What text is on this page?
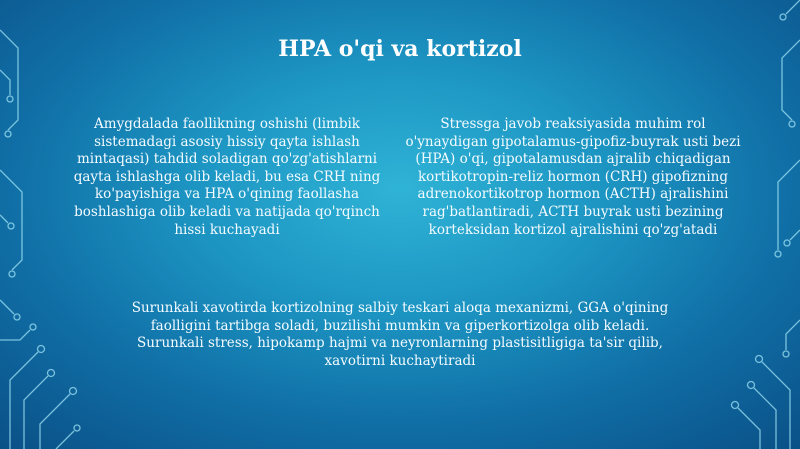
HPA o'qi va kortizol

Amygdalada faollikning oshishi (limbik sistemadagi asosiy hissiy qayta ishlash mintaqasi) tahdid soladigan qo'zg'atishlarni qayta ishlashga olib keladi, bu esa CRH ning ko'payishiga va HPA o'qining faollasha boshlashiga olib keladi va natijada qo'rqinch hissi kuchayadi

Stressga javob reaksiyasida muhim rol o'ynaydigan gipotalamus-gipofiz-buyrak usti bezi (HPA) o'qi, gipotalamusdan ajralib chiqadigan kortikotropin-reliz hormon (CRH) gipofizning adrenokortikotrop hormon (ACTH) ajralishini rag'batlantiradi, ACTH buyrak usti bezining korteksidan kortizol ajralishini qo'zg'atadi

Surunkali xavotirda kortizolning salbiy teskari aloqa mexanizmi, GGA o'qining faolligini tartibga soladi, buzilishi mumkin va giperkortizolga olib keladi. Surunkali stress, hipokamp hajmi va neyronlarning plastisitligiga ta'sir qilib, xavotirni kuchaytiradi
